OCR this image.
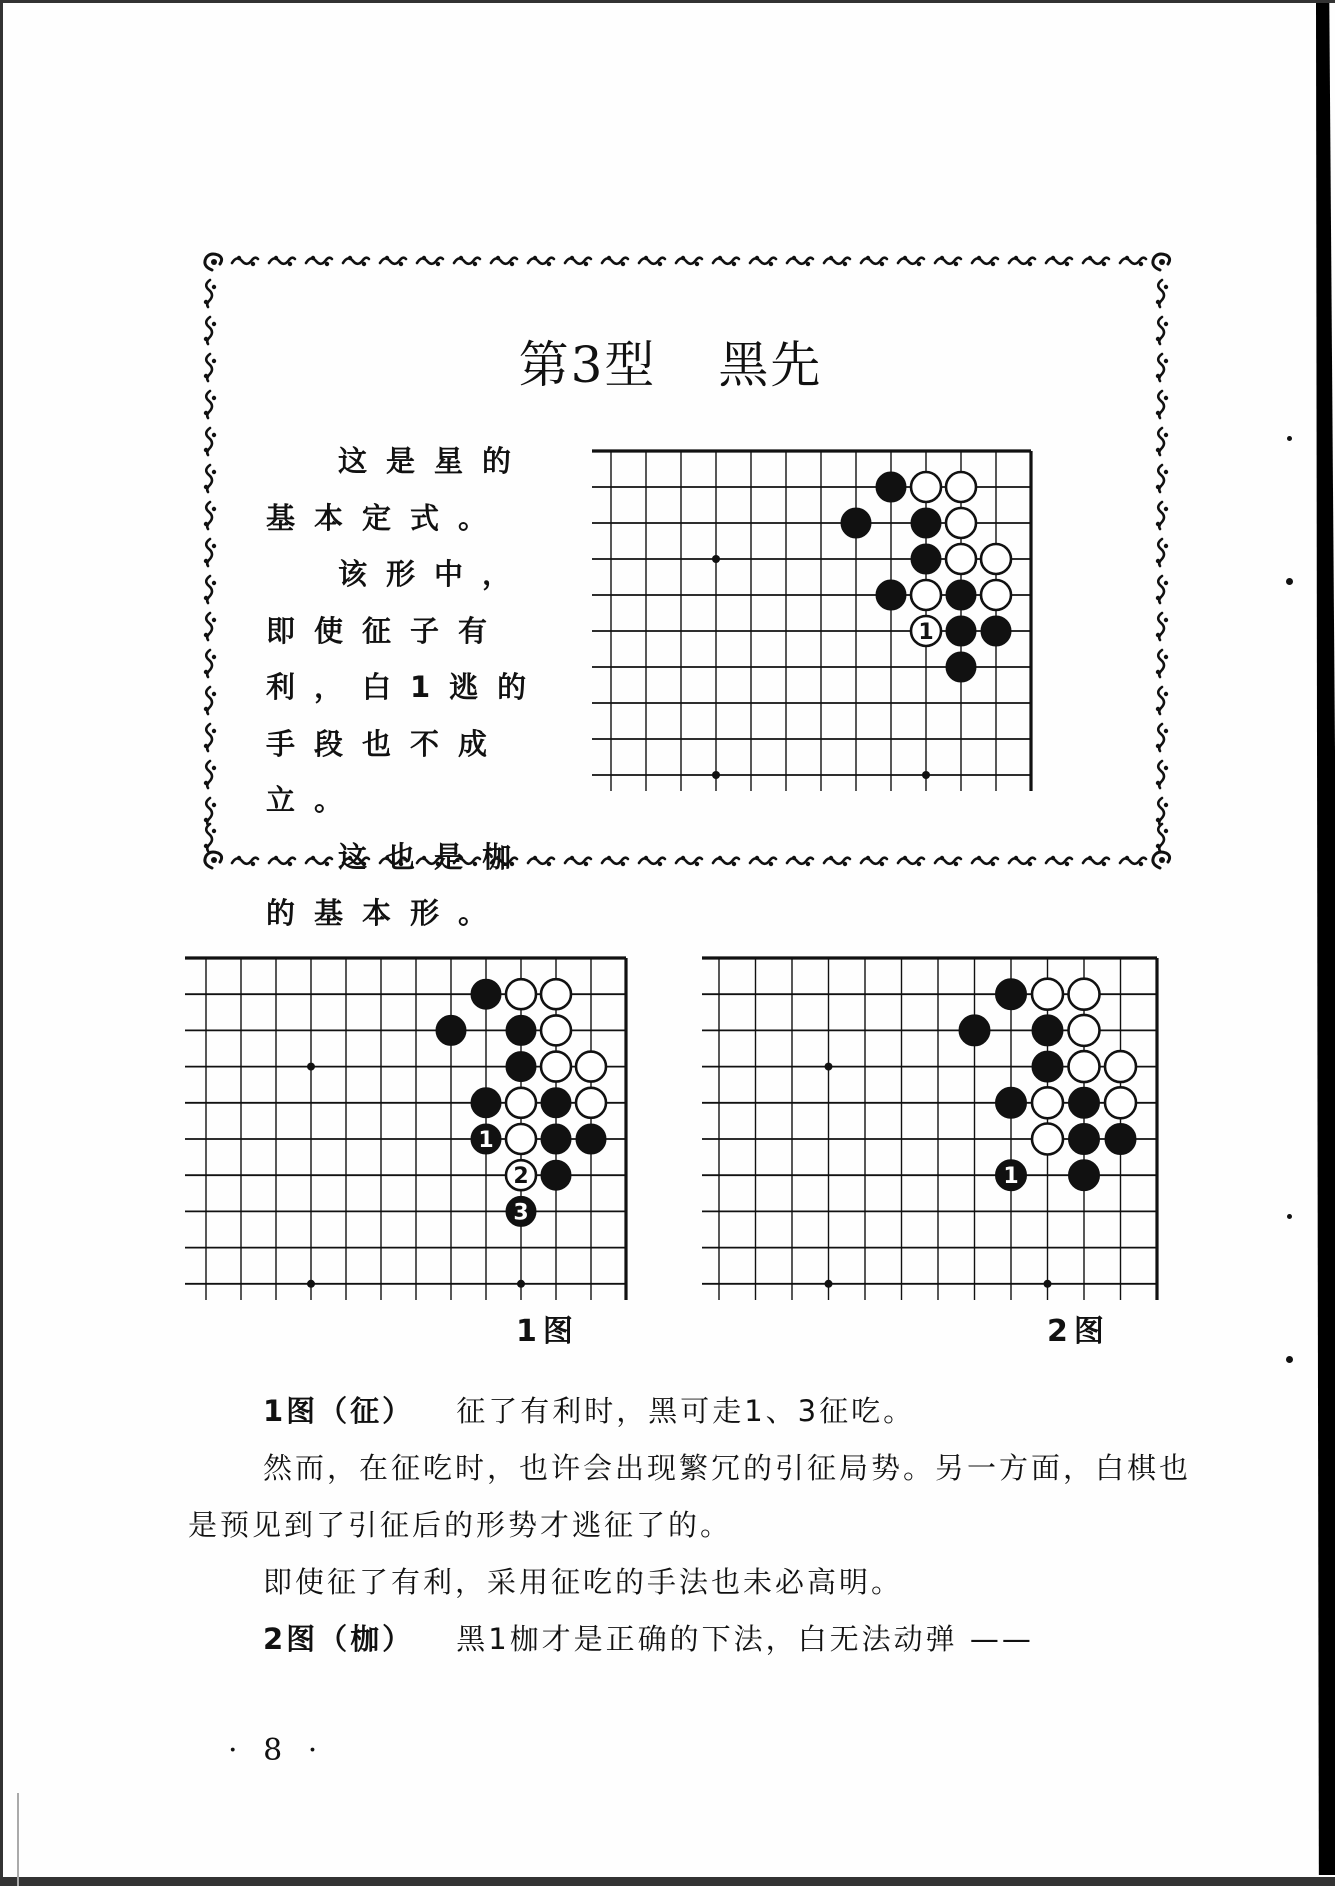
第3型 黑先

这是星的基本定式。

该形中，即使征子有利，白1逃的手段也不成立。

这也是枷的基本形。

1
1
2
3
1
1图	2图

1图（征） 征了有利时，黑可走1、3征吃。

然而，在征吃时，也许会出现繁冗的引征局势。另一方面，白棋也是预见到了引征后的形势才逃征了的。

即使征了有利，采用征吃的手法也未必高明。

2图（枷） 黑1枷才是正确的下法，白无法动弹 ——

· 8 ·
